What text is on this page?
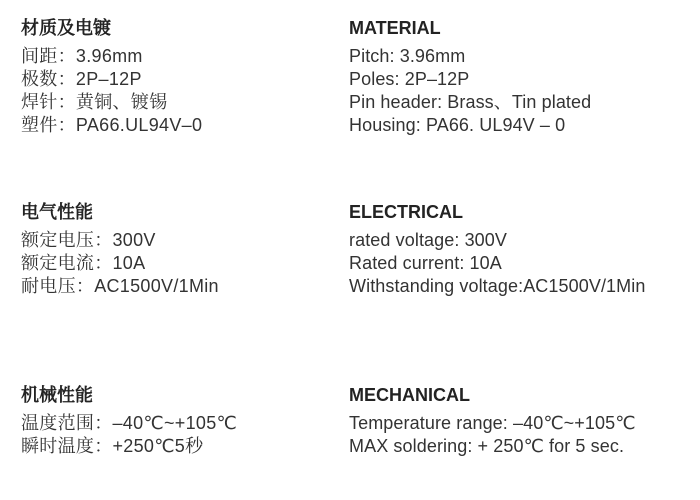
材质及电镀
间距：3.96mm
极数：2P–12P
焊针：黄铜、镀锡
塑件：PA66.UL94V–0
电气性能
额定电压：300V
额定电流：10A
耐电压：AC1500V/1Min
机械性能
温度范围：–40℃~+105℃
瞬时温度：+250℃5秒
MATERIAL
Pitch: 3.96mm
Poles: 2P–12P
Pin header: Brass、Tin plated
Housing: PA66. UL94V – 0
ELECTRICAL
rated voltage: 300V
Rated current: 10A
Withstanding voltage:AC1500V/1Min
MECHANICAL
Temperature range: –40℃~+105℃
MAX soldering: + 250℃ for 5 sec.
